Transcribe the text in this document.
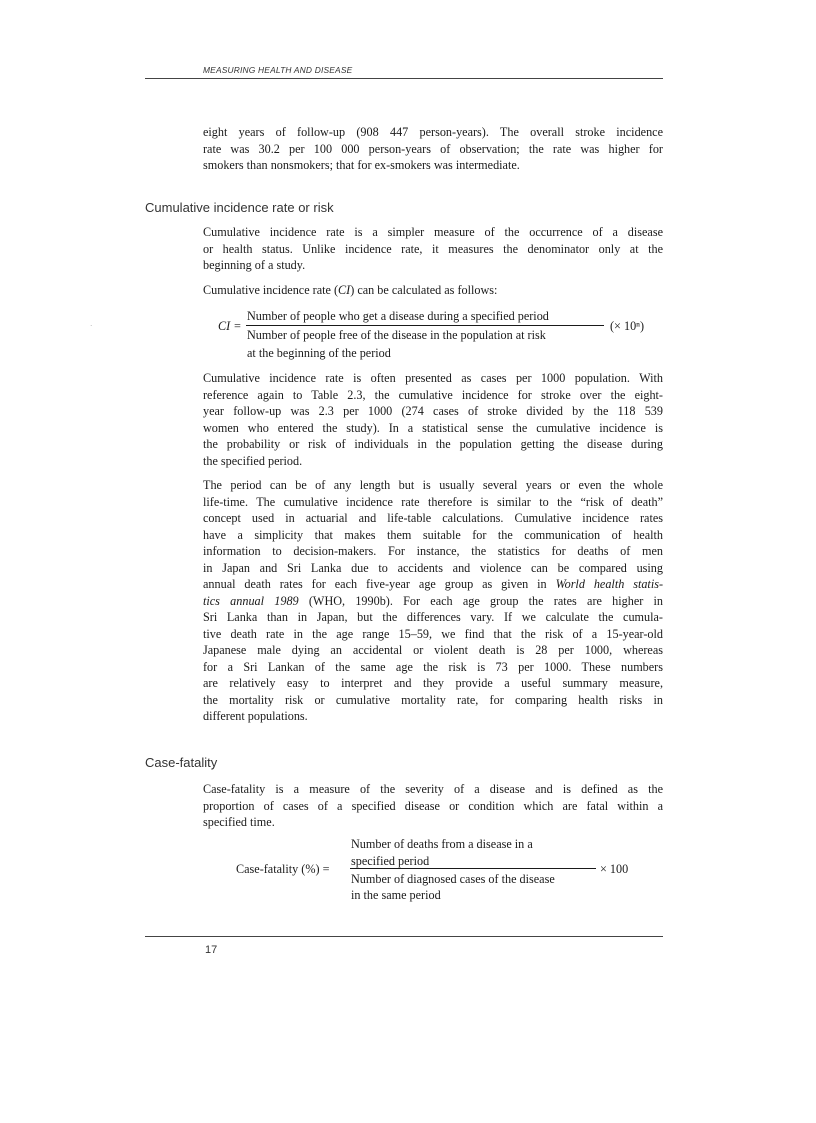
MEASURING HEALTH AND DISEASE

eight years of follow-up (908 447 person-years). The overall stroke incidence
rate was 30.2 per 100 000 person-years of observation; the rate was higher for
smokers than nonsmokers; that for ex-smokers was intermediate.

Cumulative incidence rate or risk

Cumulative incidence rate is a simpler measure of the occurrence of a disease
or health status. Unlike incidence rate, it measures the denominator only at the
beginning of a study.

Cumulative incidence rate (CI) can be calculated as follows:

CI =
Number of people who get a disease during a specified period
Number of people free of the disease in the population at risk
at the beginning of the period
(× 10ⁿ)

Cumulative incidence rate is often presented as cases per 1000 population. With
reference again to Table 2.3, the cumulative incidence for stroke over the eight-
year follow-up was 2.3 per 1000 (274 cases of stroke divided by the 118 539
women who entered the study). In a statistical sense the cumulative incidence is
the probability or risk of individuals in the population getting the disease during
the specified period.

The period can be of any length but is usually several years or even the whole
life-time. The cumulative incidence rate therefore is similar to the “risk of death”
concept used in actuarial and life-table calculations. Cumulative incidence rates
have a simplicity that makes them suitable for the communication of health
information to decision-makers. For instance, the statistics for deaths of men
in Japan and Sri Lanka due to accidents and violence can be compared using
annual death rates for each five-year age group as given in World health statis-
tics annual 1989 (WHO, 1990b). For each age group the rates are higher in
Sri Lanka than in Japan, but the differences vary. If we calculate the cumula-
tive death rate in the age range 15–59, we find that the risk of a 15-year-old
Japanese male dying an accidental or violent death is 28 per 1000, whereas
for a Sri Lankan of the same age the risk is 73 per 1000. These numbers
are relatively easy to interpret and they provide a useful summary measure,
the mortality risk or cumulative mortality rate, for comparing health risks in
different populations.

Case-fatality

Case-fatality is a measure of the severity of a disease and is defined as the
proportion of cases of a specified disease or condition which are fatal within a
specified time.

Case-fatality (%) =
Number of deaths from a disease in a
specified period
Number of diagnosed cases of the disease
in the same period
× 100
17
·
